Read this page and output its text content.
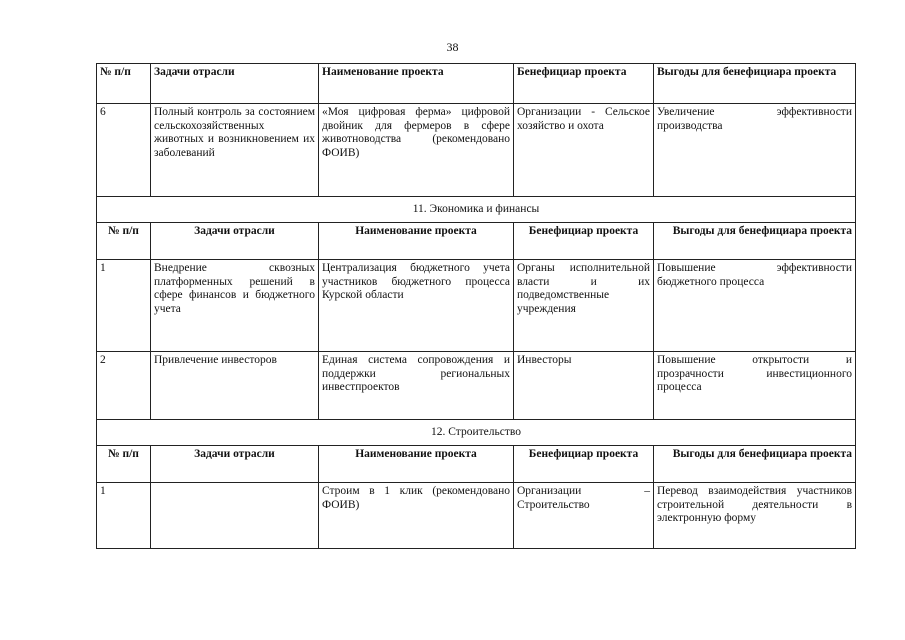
38
№ п/п	Задачи отрасли	Наименование проекта	Бенефициар проекта	Выгоды для бенефициара проекта
6	Полный контроль за состоянием сельскохозяйственных животных и возникновением их заболеваний	«Моя цифровая ферма» цифровой двойник для фермеров в сфере животноводства (рекомендовано ФОИВ)	Организации - Сельское хозяйство и охота	Увеличение эффективности производства
11. Экономика и финансы				
№ п/п	Задачи отрасли	Наименование проекта	Бенефициар проекта	Выгоды для бенефициара проекта
1	Внедрение сквозных платформенных решений в сфере финансов и бюджетного учета	Централизация бюджетного учета участников бюджетного процесса Курской области	Органы исполнительной власти и их подведомственные учреждения	Повышение эффективности бюджетного процесса
2	Привлечение инвесторов	Единая система сопровождения и поддержки региональных инвестпроектов	Инвесторы	Повышение открытости и прозрачности инвестиционного процесса
12. Строительство				
№ п/п	Задачи отрасли	Наименование проекта	Бенефициар проекта	Выгоды для бенефициара проекта
1		Строим в 1 клик (рекомендовано ФОИВ)	Организации – Строительство	Перевод взаимодействия участников строительной деятельности в электронную форму
